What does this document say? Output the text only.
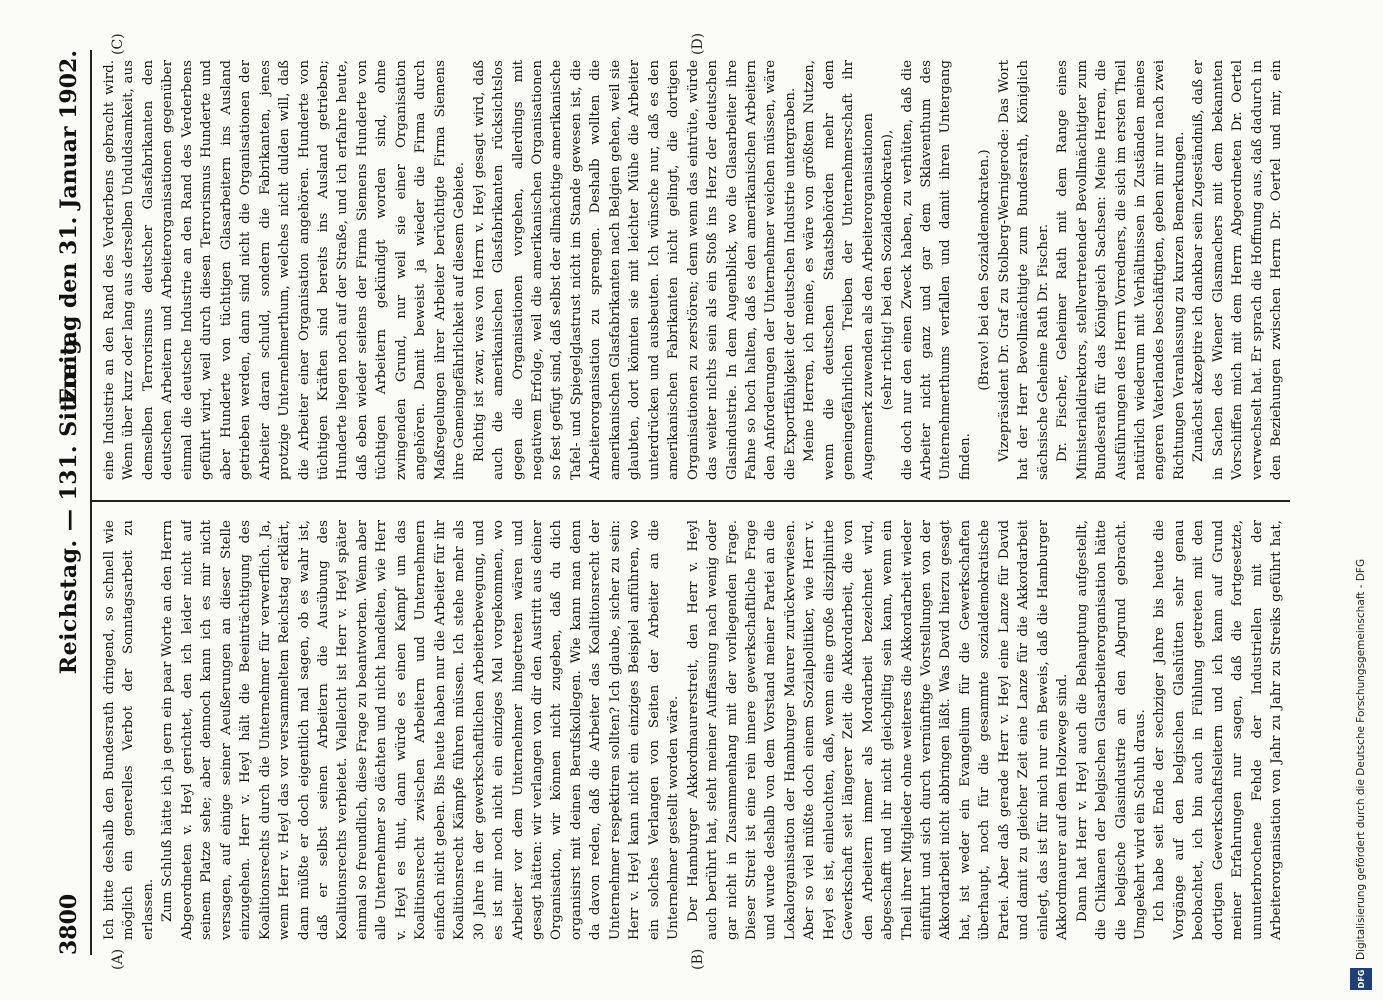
3800
Reichstag. — 131. Sitzung.
Freitag den 31. Januar 1902.
(A)	(B)
(C)	(D)

Ich bitte deshalb den Bundesrath dringend, so schnell wie möglich ein generelles Verbot der Sonntagsarbeit zu erlassen. Zum Schluß hätte ich ja gern ein paar Worte an den Herrn Abgeordneten v. Heyl gerichtet, den ich leider nicht auf seinem Platze sehe; aber dennoch kann ich es mir nicht versagen, auf einige seiner Aeußerungen an dieser Stelle einzugehen. Herr v. Heyl hält die Beeinträchtigung des Koalitionsrechts durch die Unternehmer für verwerflich. Ja, wenn Herr v. Heyl das vor versammeltem Reichstag erklärt, dann müßte er doch eigentlich mal sagen, ob es wahr ist, daß er selbst seinen Arbeitern die Ausübung des Koalitionsrechts verbietet. Vielleicht ist Herr v. Heyl später einmal so freundlich, diese Frage zu beantworten. Wenn aber alle Unternehmer so dächten und nicht handelten, wie Herr v. Heyl es thut, dann würde es einen Kampf um das Koalitionsrecht zwischen Arbeitern und Unternehmern einfach nicht geben. Bis heute haben nur die Arbeiter für ihr Koalitionsrecht Kämpfe führen müssen. Ich stehe mehr als 30 Jahre in der gewerkschaftlichen Arbeiterbewegung, und es ist mir noch nicht ein einziges Mal vorgekommen, wo Arbeiter vor dem Unternehmer hingetreten wären und gesagt hätten: wir verlangen von dir den Austritt aus deiner Organisation, wir können nicht zugeben, daß du dich organisirst mit deinen Berufskollegen. Wie kann man denn da davon reden, daß die Arbeiter das Koalitionsrecht der Unternehmer respektiren sollten? Ich glaube, sicher zu sein: Herr v. Heyl kann nicht ein einziges Beispiel anführen, wo ein solches Verlangen von Seiten der Arbeiter an die Unternehmer gestellt worden wäre. Der Hamburger Akkordmaurerstreit, den Herr v. Heyl auch berührt hat, steht meiner Auffassung nach wenig oder gar nicht in Zusammenhang mit der vorliegenden Frage. Dieser Streit ist eine rein innere gewerkschaftliche Frage und wurde deshalb von dem Vorstand meiner Partei an die Lokalorganisation der Hamburger Maurer zurückverwiesen. Aber so viel müßte doch einem Sozialpolitiker, wie Herr v. Heyl es ist, einleuchten, daß, wenn eine große disziplinirte Gewerkschaft seit längerer Zeit die Akkordarbeit, die von den Arbeitern immer als Mordarbeit bezeichnet wird, abgeschafft und ihr nicht gleichgiltig sein kann, wenn ein Theil ihrer Mitglieder ohne weiteres die Akkordarbeit wieder einführt und sich durch vernünftige Vorstellungen von der Akkordarbeit nicht abbringen läßt. Was David hierzu gesagt hat, ist weder ein Evangelium für die Gewerkschaften überhaupt, noch für die gesammte sozialdemokratische Partei. Aber daß gerade Herr v. Heyl eine Lanze für David und damit zu gleicher Zeit eine Lanze für die Akkordarbeit einlegt, das ist für mich nur ein Beweis, daß die Hamburger Akkordmaurer auf dem Holzwege sind. Dann hat Herr v. Heyl auch die Behauptung aufgestellt, die Chikanen der belgischen Glasarbeiterorganisation hätte die belgische Glasindustrie an den Abgrund gebracht. Umgekehrt wird ein Schuh draus. Ich habe seit Ende der sechziger Jahre bis heute die Vorgänge auf den belgischen Glashütten sehr genau beobachtet, ich bin auch in Fühlung getreten mit den dortigen Gewerkschaftsleitern und ich kann auf Grund meiner Erfahrungen nur sagen, daß die fortgesetzte, ununterbrochene Fehde der Industriellen mit der Arbeiterorganisation von Jahr zu Jahr zu Streiks geführt hat,

eine Industrie an den Rand des Verderbens gebracht wird. Wenn über kurz oder lang aus derselben Unduldsamkeit, aus demselben Terrorismus deutscher Glasfabrikanten den deutschen Arbeitern und Arbeiterorganisationen gegenüber einmal die deutsche Industrie an den Rand des Verderbens geführt wird, weil durch diesen Terrorismus Hunderte und aber Hunderte von tüchtigen Glasarbeitern ins Ausland getrieben werden, dann sind nicht die Organisationen der Arbeiter daran schuld, sondern die Fabrikanten, jenes protzige Unternehmerthum, welches nicht dulden will, daß die Arbeiter einer Organisation angehören. Hunderte von tüchtigen Kräften sind bereits ins Ausland getrieben; Hunderte liegen noch auf der Straße, und ich erfahre heute, daß eben wieder seitens der Firma Siemens Hunderte von tüchtigen Arbeitern gekündigt worden sind, ohne zwingenden Grund, nur weil sie einer Organisation angehören. Damit beweist ja wieder die Firma durch Maßregelungen ihrer Arbeiter berüchtigte Firma Siemens ihre Gemeingefährlichkeit auf diesem Gebiete. Richtig ist zwar, was von Herrn v. Heyl gesagt wird, daß auch die amerikanischen Glasfabrikanten rücksichtslos gegen die Organisationen vorgehen, allerdings mit negativem Erfolge, weil die amerikanischen Organisationen so fest gefügt sind, daß selbst der allmächtige amerikanische Tafel- und Spiegelglastrust nicht im Stande gewesen ist, die Arbeiterorganisation zu sprengen. Deshalb wollten die amerikanischen Glasfabrikanten nach Belgien gehen, weil sie glaubten, dort könnten sie mit leichter Mühe die Arbeiter unterdrücken und ausbeuten. Ich wünsche nur, daß es den amerikanischen Fabrikanten nicht gelingt, die dortigen Organisationen zu zerstören; denn wenn das eintrüte, würde das weiter nichts sein als ein Stoß ins Herz der deutschen Glasindustrie. In dem Augenblick, wo die Glasarbeiter ihre Fahne so hoch halten, daß es den amerikanischen Arbeitern den Anforderungen der Unternehmer weichen müssen, wäre die Exportfähigkeit der deutschen Industrie untergraben. Meine Herren, ich meine, es wäre von größtem Nutzen, wenn die deutschen Staatsbehörden mehr dem gemeingefährlichen Treiben der Unternehmerschaft ihr Augenmerk zuwenden als den Arbeiterorganisationen (sehr richtig! bei den Sozialdemokraten), die doch nur den einen Zweck haben, zu verhüten, daß die Arbeiter nicht ganz und gar dem Sklaventhum des Unternehmerthums verfallen und damit ihren Untergang finden.

(Bravo! bei den Sozialdemokraten.) Vizepräsident Dr. Graf zu Stolberg-Wernigerode: Das Wort hat der Herr Bevollmächtigte zum Bundesrath, Königlich sächsische Geheime Rath Dr. Fischer. Dr. Fischer, Geheimer Rath mit dem Range eines Ministerialdirektors, stellvertretender Bevollmächtigter zum Bundesrath für das Königreich Sachsen: Meine Herren, die Ausführungen des Herrn Vorredners, die sich im ersten Theil natürlich wiederum mit Verhältnissen in Zuständen meines engeren Vaterlandes beschäftigten, geben mir nur nach zwei Richtungen Veranlassung zu kurzen Bemerkungen. Zunächst akzeptire ich dankbar sein Zugeständniß, daß er in Sachen des Wiener Glasmachers mit dem bekannten Vorschiffen mich mit dem Herrn Abgeordneten Dr. Oertel verwechselt hat. Er sprach die Hoffnung aus, daß dadurch in den Beziehungen zwischen Herrn Dr. Oertel und mir, ein

DFG
Digitalisierung gefördert durch die Deutsche Forschungsgemeinschaft - DFG
